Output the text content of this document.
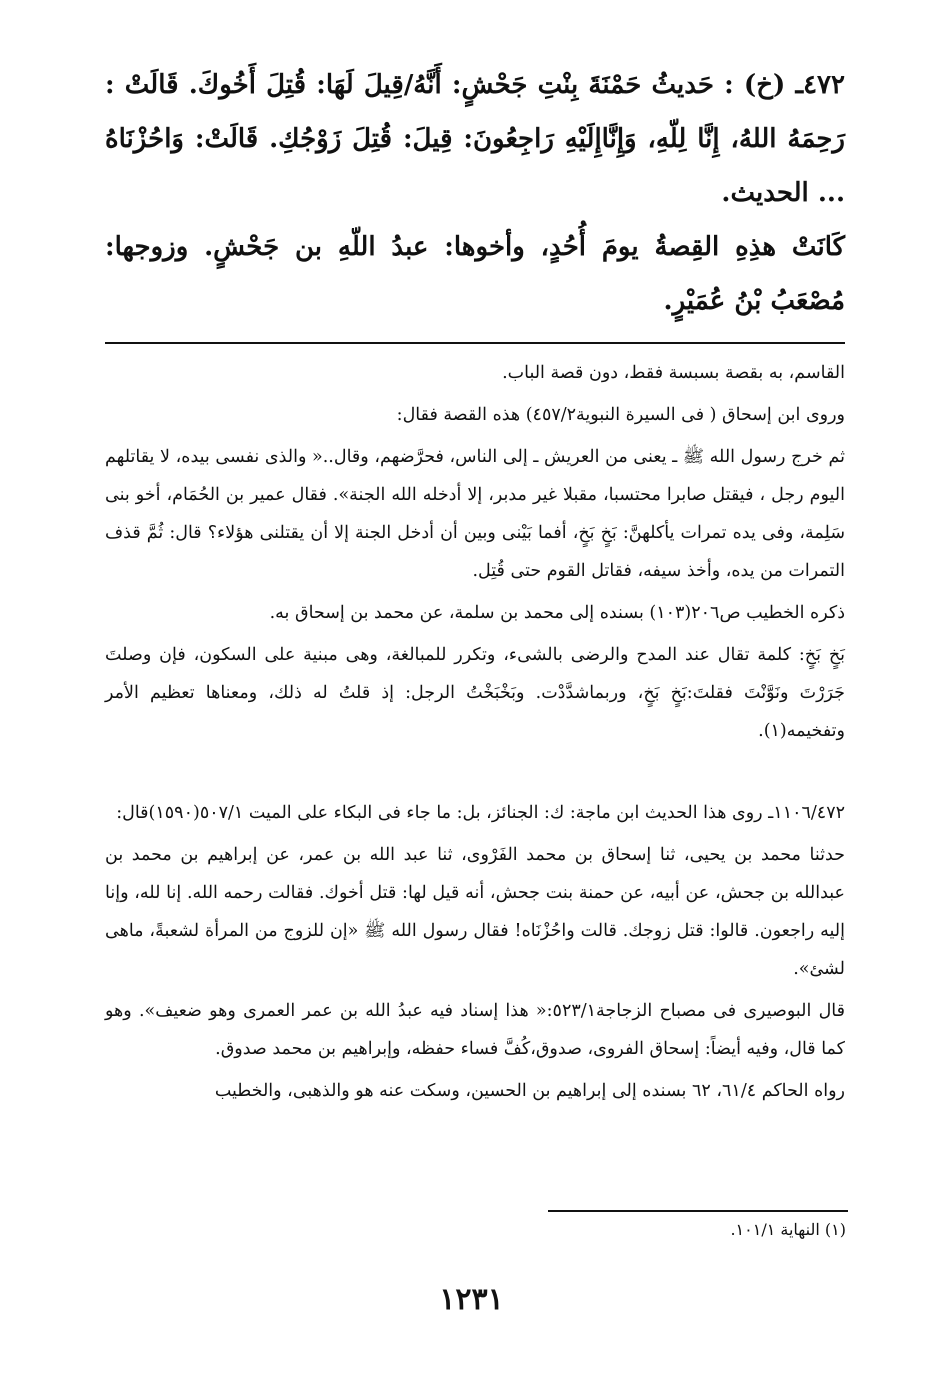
٤٧٢ـ (خ) : حَديثُ حَمْنَةَ بِنْتِ جَحْشٍ: أَنَّهُ/قِيلَ لَهَا: قُتِلَ أَخُوكَ. قَالَتْ : رَحِمَهُ اللهُ، إِنَّا لِلّهِ، وَإِنَّاإِلَيْهِ رَاجِعُونَ: قِيلَ: قُتِلَ زَوْجُكِ. قَالَتْ: وَاحُزْنَاهُ ... الحديث.

كَانَتْ هذِهِ القِصةُ يومَ أُحُدٍ، وأخوها: عبدُ اللّهِ بن جَحْشٍ. وزوجها: مُصْعَبُ بْنُ عُمَيْرٍ.

القاسم، به بقصة بسبسة فقط، دون قصة الباب.

وروى ابن إسحاق ( فى السيرة النبوية٤٥٧/٢) هذه القصة فقال:

ثم خرج رسول الله ﷺ ـ يعنى من العريش ـ إلى الناس، فحرَّضهم، وقال..« والذى نفسى بيده، لا يقاتلهم اليوم رجل ، فيقتل صابرا محتسبا، مقبلا غير مدبر، إلا أدخله الله الجنة». فقال عمير بن الحُمَام، أخو بنى سَلِمة، وفى يده تمرات يأكلهنَّ: بَخٍ بَخٍ، أفما بَيْنى وبين أن أدخل الجنة إلا أن يقتلنى هؤلاء؟ قال: ثُمَّ قذف التمرات من يده، وأخذ سيفه، فقاتل القوم حتى قُتِل.

ذكره الخطيب ص٢٠٦(١٠٣) بسنده إلى محمد بن سلمة، عن محمد بن إسحاق به.

بَخٍ بَخٍ: كلمة تقال عند المدح والرضى بالشىء، وتكرر للمبالغة، وهى مبنية على السكون، فإن وصلتَ جَرَرْتَ ونَوَّنْتَ فقلتَ:بَخٍ بَخٍ، وربماشدَّدْت. وبَخْبَخْتُ الرجل: إذ قلتُ له ذلك، ومعناها تعظيم الأمر وتفخيمه(١).

١١٠٦/٤٧٢ـ روى هذا الحديث ابن ماجة: ك: الجنائز، بل: ما جاء فى البكاء على الميت ٥٠٧/١(١٥٩٠)قال:

حدثنا محمد بن يحيى، ثنا إسحاق بن محمد الفَرْوى، ثنا عبد الله بن عمر، عن إبراهيم بن محمد بن عبدالله بن جحش، عن أبيه، عن حمنة بنت جحش، أنه قيل لها: قتل أخوك. فقالت رحمه الله. إنا لله، وإنا إليه راجعون. قالوا: قتل زوجك. قالت واحُزْنَاه! فقال رسول الله ﷺ «إن للزوج من المرأة لشعبةً، ماهى لشئ».

قال البوصيرى فى مصباح الزجاجة٥٢٣/١:« هذا إسناد فيه عبدُ الله بن عمر العمرى وهو ضعيف». وهو كما قال، وفيه أيضاً: إسحاق الفروى، صدوق،كُفَّ فساء حفظه، وإبراهيم بن محمد صدوق.

رواه الحاكم ٦١/٤، ٦٢ بسنده إلى إبراهيم بن الحسين، وسكت عنه هو والذهبى، والخطيب

(١) النهاية ١٠١/١.
١٢٣١
